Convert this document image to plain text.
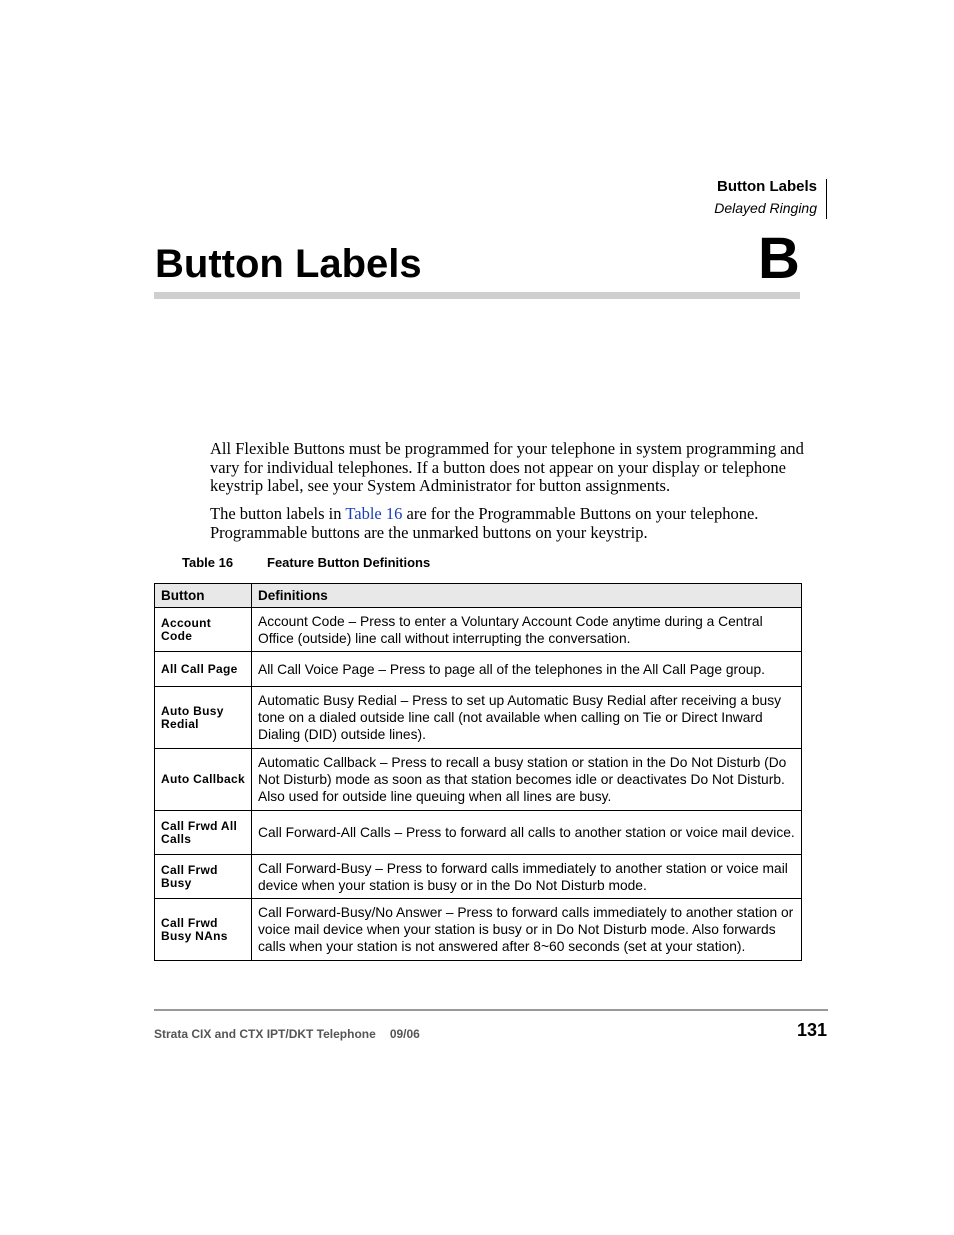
Button Labels
Delayed Ringing
Button Labels	B

All Flexible Buttons must be programmed for your telephone in system programming and vary for individual telephones. If a button does not appear on your display or telephone keystrip label, see your System Administrator for button assignments.

The button labels in Table 16 are for the Programmable Buttons on your telephone. Programmable buttons are the unmarked buttons on your keystrip.

Table 16	Feature Button Definitions
Button	Definitions
Account Code	Account Code – Press to enter a Voluntary Account Code anytime during a Central Office (outside) line call without interrupting the conversation.
All Call Page	All Call Voice Page – Press to page all of the telephones in the All Call Page group.
Auto Busy Redial	Automatic Busy Redial – Press to set up Automatic Busy Redial after receiving a busy tone on a dialed outside line call (not available when calling on Tie or Direct Inward Dialing (DID) outside lines).
Auto Callback	Automatic Callback – Press to recall a busy station or station in the Do Not Disturb (Do Not Disturb) mode as soon as that station becomes idle or deactivates Do Not Disturb. Also used for outside line queuing when all lines are busy.
Call Frwd All Calls	Call Forward-All Calls – Press to forward all calls to another station or voice mail device.
Call Frwd Busy	Call Forward-Busy – Press to forward calls immediately to another station or voice mail device when your station is busy or in the Do Not Disturb mode.
Call Frwd Busy NAns	Call Forward-Busy/No Answer – Press to forward calls immediately to another station or voice mail device when your station is busy or in Do Not Disturb mode. Also forwards calls when your station is not answered after 8~60 seconds (set at your station).
Strata CIX and CTX IPT/DKT Telephone 09/06	131
